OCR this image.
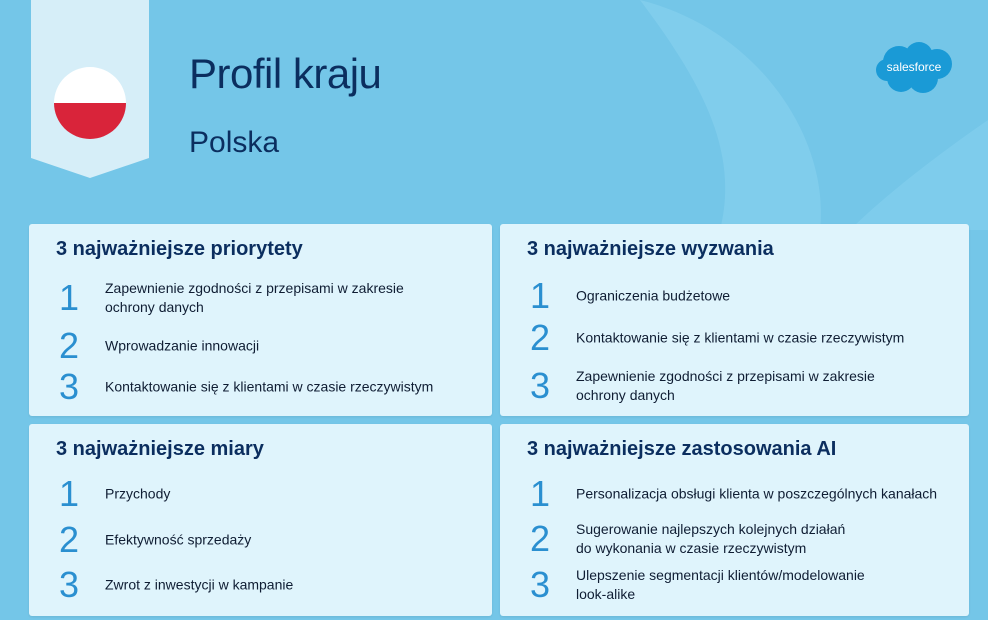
Profil kraju
Polska
salesforce
3 najważniejsze priorytety
1 Zapewnienie zgodności z przepisami w zakresie
ochrony danych
2 Wprowadzanie innowacji
3 Kontaktowanie się z klientami w czasie rzeczywistym
3 najważniejsze wyzwania
1 Ograniczenia budżetowe
2 Kontaktowanie się z klientami w czasie rzeczywistym
3 Zapewnienie zgodności z przepisami w zakresie
ochrony danych
3 najważniejsze miary
1 Przychody
2 Efektywność sprzedaży
3 Zwrot z inwestycji w kampanie
3 najważniejsze zastosowania AI
1 Personalizacja obsługi klienta w poszczególnych kanałach
2 Sugerowanie najlepszych kolejnych działań
do wykonania w czasie rzeczywistym
3 Ulepszenie segmentacji klientów/modelowanie
look-alike
